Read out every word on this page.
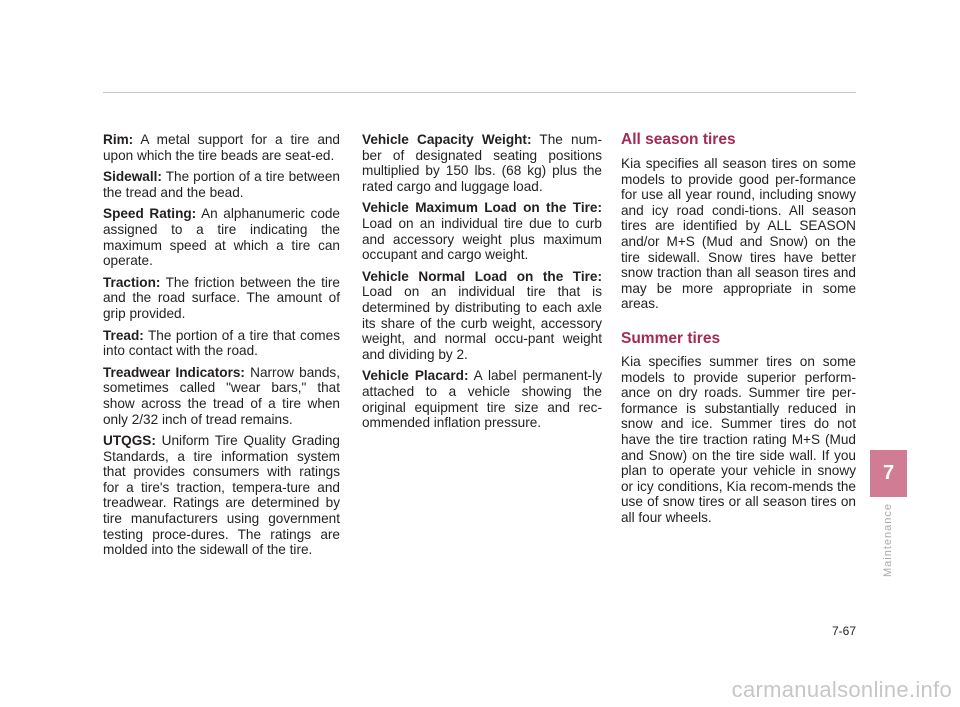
Rim: A metal support for a tire and upon which the tire beads are seat-ed.

Sidewall: The portion of a tire between the tread and the bead.

Speed Rating: An alphanumeric code assigned to a tire indicating the maximum speed at which a tire can operate.

Traction: The friction between the tire and the road surface. The amount of grip provided.

Tread: The portion of a tire that comes into contact with the road.

Treadwear Indicators: Narrow bands, sometimes called "wear bars," that show across the tread of a tire when only 2/32 inch of tread remains.

UTQGS: Uniform Tire Quality Grading Standards, a tire information system that provides consumers with ratings for a tire's traction, tempera-ture and treadwear. Ratings are determined by tire manufacturers using government testing proce-dures. The ratings are molded into the sidewall of the tire.

Vehicle Capacity Weight: The num-ber of designated seating positions multiplied by 150 lbs. (68 kg) plus the rated cargo and luggage load.

Vehicle Maximum Load on the Tire: Load on an individual tire due to curb and accessory weight plus maximum occupant and cargo weight.

Vehicle Normal Load on the Tire: Load on an individual tire that is determined by distributing to each axle its share of the curb weight, accessory weight, and normal occu-pant weight and dividing by 2.

Vehicle Placard: A label permanent-ly attached to a vehicle showing the original equipment tire size and rec-ommended inflation pressure.

All season tires

Kia specifies all season tires on some models to provide good per-formance for use all year round, including snowy and icy road condi-tions. All season tires are identified by ALL SEASON and/or M+S (Mud and Snow) on the tire sidewall. Snow tires have better snow traction than all season tires and may be more appropriate in some areas.

Summer tires

Kia specifies summer tires on some models to provide superior perform-ance on dry roads. Summer tire per-formance is substantially reduced in snow and ice. Summer tires do not have the tire traction rating M+S (Mud and Snow) on the tire side wall. If you plan to operate your vehicle in snowy or icy conditions, Kia recom-mends the use of snow tires or all season tires on all four wheels.

7
Maintenance
7-67
carmanualsonline.info
